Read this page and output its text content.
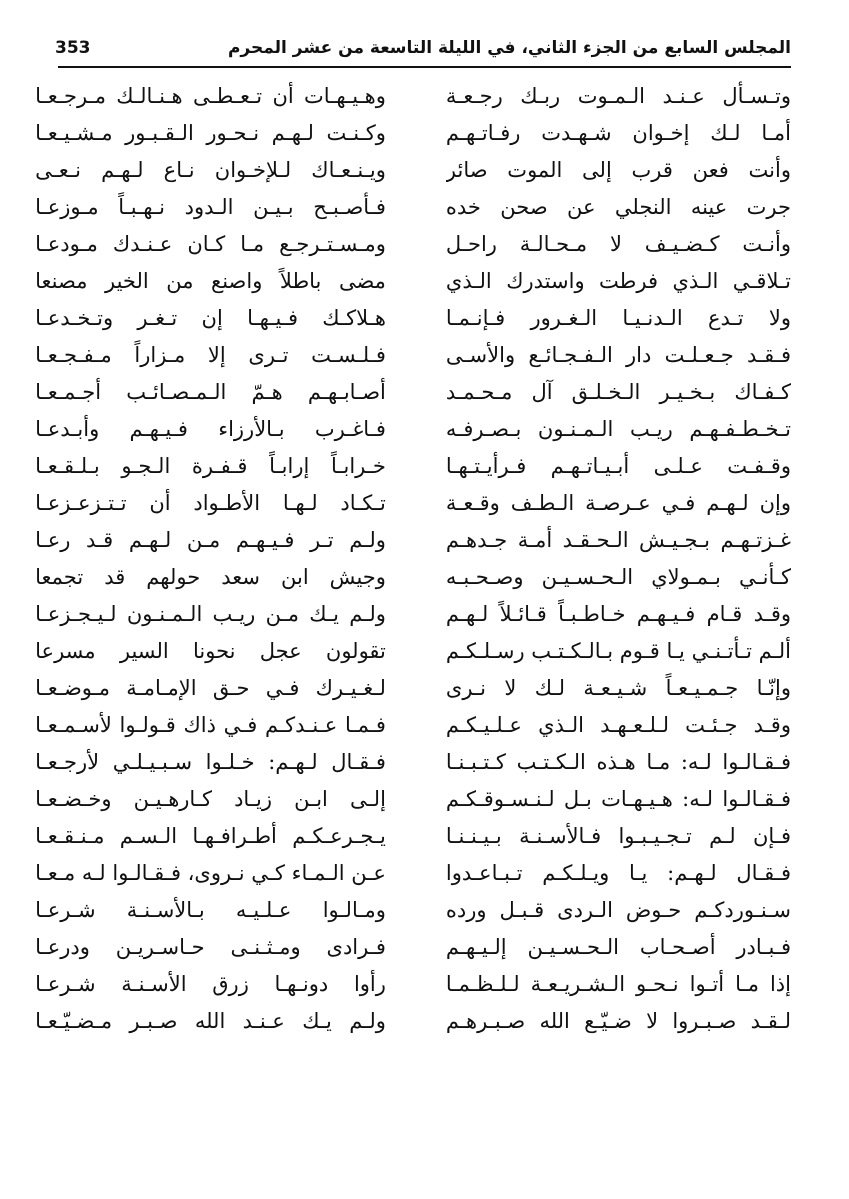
المجلس السابع من الجزء الثاني، في الليلة التاسعة من عشر المحرم
353
وتـسـأل عـنـد الـمـوت ربـك رجـعـة
أمـا لـك إخـوان شـهـدت رفـاتـهـم
وأنت فعن قرب إلى الموت صائر
جرت عينه النجلي عن صحن خده
وأنـت كـضـيـف لا مـحـالـة راحـل
تـلاقـي الـذي فرطت واستدرك الـذي
ولا تـدع الـدنـيـا الـغـرور فـإنـمـا
فـقـد جـعـلـت دار الـفـجـائـع والأسـى
كـفـاك بـخـيـر الـخـلـق آل مـحـمـد
تـخـطـفـهـم ريـب الـمـنـون بـصـرفـه
وقـفـت عـلـى أبـيـاتـهـم فـرأيـتـهـا
وإن لـهـم فـي عـرصـة الـطـف وقـعـة
غـزتـهـم بـجـيـش الـحـقـد أمـة جـدهـم
كـأنـي بـمـولاي الـحـسـيـن وصـحـبـه
وقـد قـام فـيـهـم خـاطـبـاً قـائـلاً لـهـم
ألـم تـأتـنـي يـا قـوم بـالـكـتـب رسـلـكـم
وإنّـا جـمـيـعـاً شـيـعـة لـك لا نـرى
وقـد جـئـت لـلـعـهـد الـذي عـلـيـكـم
فـقـالـوا لـه: مـا هـذه الـكـتـب كـتـبـنـا
فـقـالـوا لـه: هـيـهـات بـل لـنـسـوقـكـم
فـإن لـم تـجـيـبـوا فـالأسـنـة بـيـنـنـا
فـقـال لـهـم: يـا ويـلـكـم تـبـاعـدوا
سـنـوردكـم حـوض الـردى قـبـل ورده
فـبـادر أصـحـاب الـحـسـيـن إلـيـهـم
إذا مـا أتـوا نـحـو الـشـريـعـة لـلـظـمـا
لـقـد صـبـروا لا ضـيّـع الله صـبـرهـم
وهـيـهـات أن تـعـطـى هـنـالـك مـرجـعـا
وكـنـت لـهـم نـحـور الـقـبـور مـشـيـعـا
ويـنـعـاك لـلإخـوان نـاع لـهـم نـعـى
فـأصـبـح بـيـن الـدود نـهـبـاً مـوزعـا
ومـسـتـرجـع مـا كـان عـنـدك مـودعـا
مضى باطلاً واصنع من الخير مصنعا
هـلاكـك فـيـهـا إن تـغـر وتـخـدعـا
فـلـسـت تـرى إلا مـزاراً مـفـجـعـا
أصـابـهـم هـمّ الـمـصـائـب أجـمـعـا
فـاغـرب بـالأرزاء فـيـهـم وأبـدعـا
خـرابـاً إرابـاً قـفـرة الـجـو بـلـقـعـا
تـكـاد لـهـا الأطـواد أن تـتـزعـزعـا
ولـم تـر فـيـهـم مـن لـهـم قـد رعـا
وجيش ابن سعد حولهم قد تجمعا
ولـم يـك مـن ريـب الـمـنـون لـيـجـزعـا
تقولون عجل نحونا السير مسرعا
لـغـيـرك فـي حـق الإمـامـة مـوضـعـا
فـمـا عـنـدكـم فـي ذاك قـولـوا لأسـمـعـا
فـقـال لـهـم: خـلـوا سـبـيـلـي لأرجـعـا
إلـى ابـن زيـاد كـارهـيـن وخـضـعـا
يـجـرعـكـم أطـرافـهـا الـسـم مـنـقـعـا
عـن الـمـاء كـي نـروى، فـقـالـوا لـه مـعـا
ومـالـوا عـلـيـه بـالأسـنـة شـرعـا
فـرادى ومـثـنـى حـاسـريـن ودرعـا
رأوا دونـهـا زرق الأسـنـة شـرعـا
ولـم يـك عـنـد الله صـبـر مـضـيّـعـا
